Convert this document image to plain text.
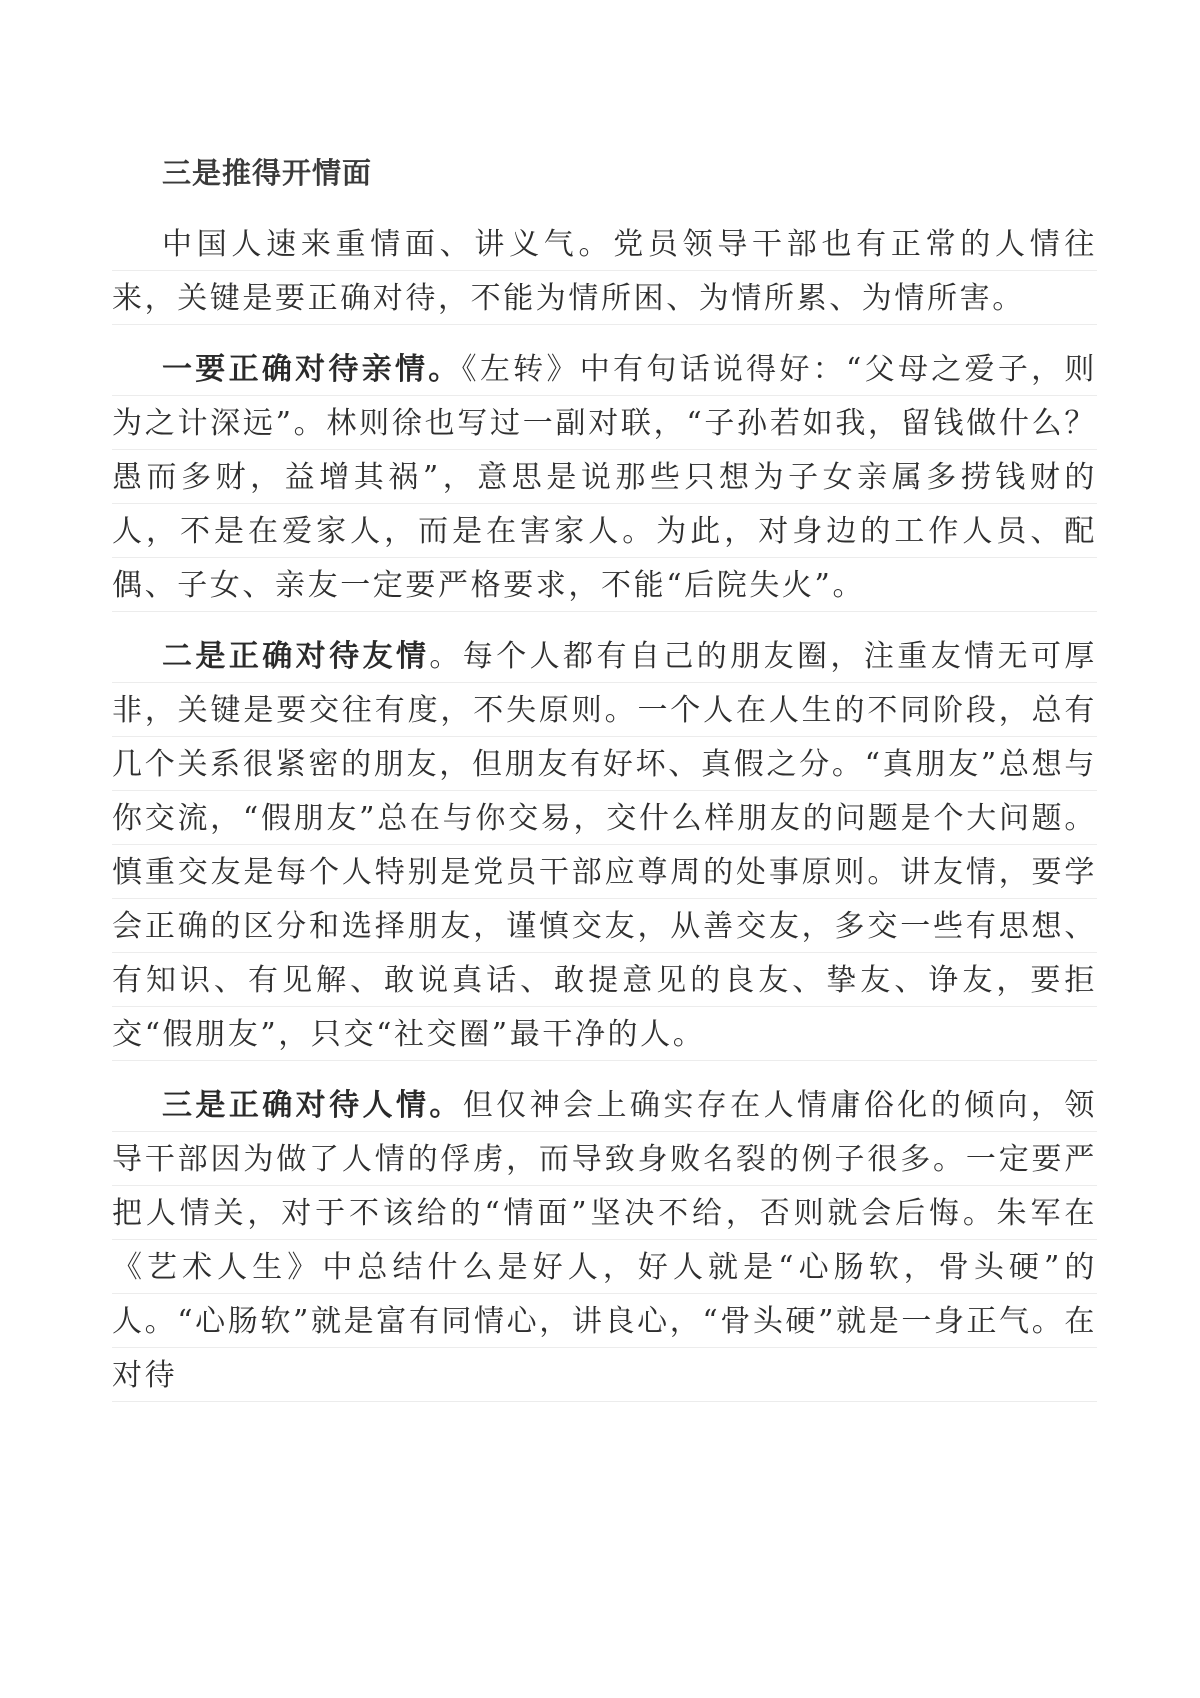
三是推得开情面

中国人速来重情面、讲义气。党员领导干部也有正常的人情往来，关键是要正确对待，不能为情所困、为情所累、为情所害。

一要正确对待亲情。《左转》中有句话说得好：“父母之爱子，则为之计深远”。林则徐也写过一副对联，“子孙若如我，留钱做什么？愚而多财，益增其祸”，意思是说那些只想为子女亲属多捞钱财的人，不是在爱家人，而是在害家人。为此，对身边的工作人员、配偶、子女、亲友一定要严格要求，不能“后院失火”。

二是正确对待友情。每个人都有自己的朋友圈，注重友情无可厚非，关键是要交往有度，不失原则。一个人在人生的不同阶段，总有几个关系很紧密的朋友，但朋友有好坏、真假之分。“真朋友”总想与你交流，“假朋友”总在与你交易，交什么样朋友的问题是个大问题。慎重交友是每个人特别是党员干部应尊周的处事原则。讲友情，要学会正确的区分和选择朋友，谨慎交友，从善交友，多交一些有思想、有知识、有见解、敢说真话、敢提意见的良友、挚友、诤友，要拒交“假朋友”，只交“社交圈”最干净的人。

三是正确对待人情。但仅神会上确实存在人情庸俗化的倾向，领导干部因为做了人情的俘虏，而导致身败名裂的例子很多。一定要严把人情关，对于不该给的“情面”坚决不给，否则就会后悔。朱军在《艺术人生》中总结什么是好人，好人就是“心肠软，骨头硬”的人。“心肠软”就是富有同情心，讲良心，“骨头硬”就是一身正气。在对待
